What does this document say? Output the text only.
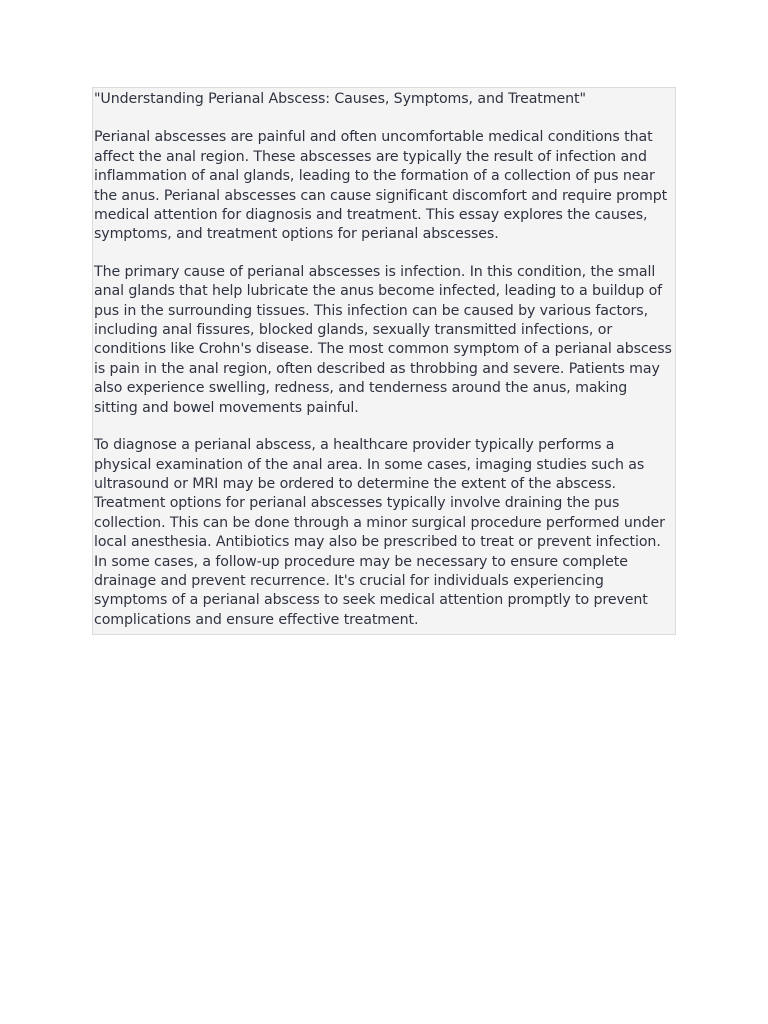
"Understanding Perianal Abscess: Causes, Symptoms, and Treatment"

Perianal abscesses are painful and often uncomfortable medical conditions that affect the anal region. These abscesses are typically the result of infection and inflammation of anal glands, leading to the formation of a collection of pus near the anus. Perianal abscesses can cause significant discomfort and require prompt medical attention for diagnosis and treatment. This essay explores the causes, symptoms, and treatment options for perianal abscesses.

The primary cause of perianal abscesses is infection. In this condition, the small anal glands that help lubricate the anus become infected, leading to a buildup of pus in the surrounding tissues. This infection can be caused by various factors, including anal fissures, blocked glands, sexually transmitted infections, or conditions like Crohn's disease. The most common symptom of a perianal abscess is pain in the anal region, often described as throbbing and severe. Patients may also experience swelling, redness, and tenderness around the anus, making sitting and bowel movements painful.

To diagnose a perianal abscess, a healthcare provider typically performs a physical examination of the anal area. In some cases, imaging studies such as ultrasound or MRI may be ordered to determine the extent of the abscess. Treatment options for perianal abscesses typically involve draining the pus collection. This can be done through a minor surgical procedure performed under local anesthesia. Antibiotics may also be prescribed to treat or prevent infection. In some cases, a follow-up procedure may be necessary to ensure complete drainage and prevent recurrence. It's crucial for individuals experiencing symptoms of a perianal abscess to seek medical attention promptly to prevent complications and ensure effective treatment.
